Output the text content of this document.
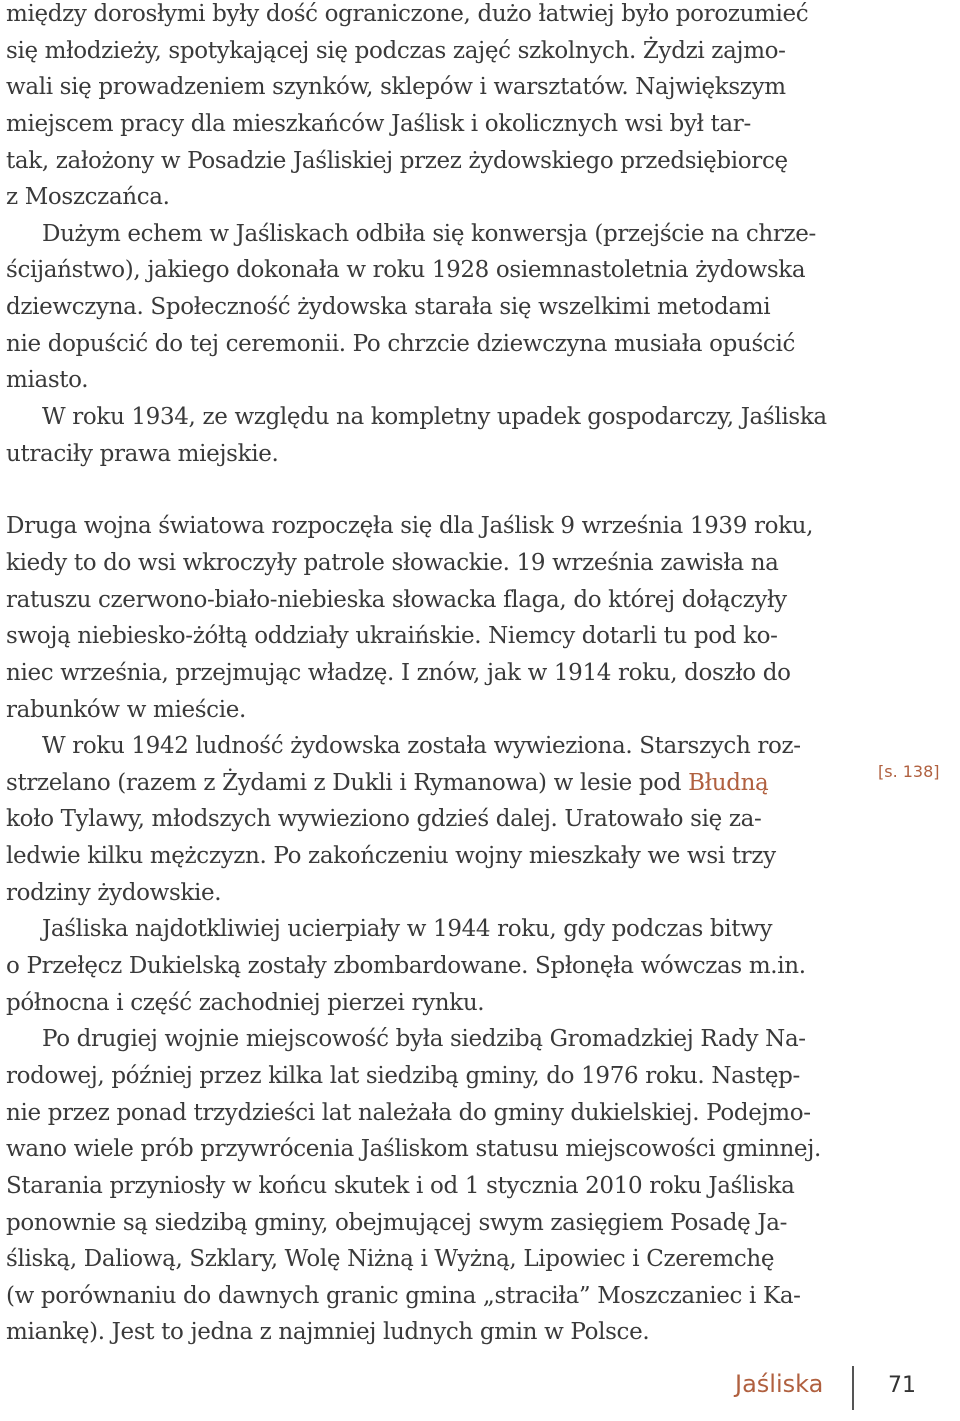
między dorosłymi były dość ograniczone, dużo łatwiej było porozumieć
się młodzieży, spotykającej się podczas zajęć szkolnych. Żydzi zajmo-
wali się prowadzeniem szynków, sklepów i warsztatów. Największym
miejscem pracy dla mieszkańców Jaślisk i okolicznych wsi był tar-
tak, założony w Posadzie Jaśliskiej przez żydowskiego przedsiębiorcę
z Moszczańca.
Dużym echem w Jaśliskach odbiła się konwersja (przejście na chrze-
ścijaństwo), jakiego dokonała w roku 1928 osiemnastoletnia żydowska
dziewczyna. Społeczność żydowska starała się wszelkimi metodami
nie dopuścić do tej ceremonii. Po chrzcie dziewczyna musiała opuścić
miasto.
W roku 1934, ze względu na kompletny upadek gospodarczy, Jaśliska
utraciły prawa miejskie.
Druga wojna światowa rozpoczęła się dla Jaślisk 9 września 1939 roku,
kiedy to do wsi wkroczyły patrole słowackie. 19 września zawisła na
ratuszu czerwono-biało-niebieska słowacka flaga, do której dołączyły
swoją niebiesko-żółtą oddziały ukraińskie. Niemcy dotarli tu pod ko-
niec września, przejmując władzę. I znów, jak w 1914 roku, doszło do
rabunków w mieście.
W roku 1942 ludność żydowska została wywieziona. Starszych roz-
strzelano (razem z Żydami z Dukli i Rymanowa) w lesie pod Błudną
koło Tylawy, młodszych wywieziono gdzieś dalej. Uratowało się za-
ledwie kilku mężczyzn. Po zakończeniu wojny mieszkały we wsi trzy
rodziny żydowskie.
Jaśliska najdotkliwiej ucierpiały w 1944 roku, gdy podczas bitwy
o Przełęcz Dukielską zostały zbombardowane. Spłonęła wówczas m.in.
północna i część zachodniej pierzei rynku.
Po drugiej wojnie miejscowość była siedzibą Gromadzkiej Rady Na-
rodowej, później przez kilka lat siedzibą gminy, do 1976 roku. Następ-
nie przez ponad trzydzieści lat należała do gminy dukielskiej. Podejmo-
wano wiele prób przywrócenia Jaśliskom statusu miejscowości gminnej.
Starania przyniosły w końcu skutek i od 1 stycznia 2010 roku Jaśliska
ponownie są siedzibą gminy, obejmującej swym zasięgiem Posadę Ja-
śliską, Daliową, Szklary, Wolę Niżną i Wyżną, Lipowiec i Czeremchę
(w porównaniu do dawnych granic gmina „straciła” Moszczaniec i Ka-
miankę). Jest to jedna z najmniej ludnych gmin w Polsce.
[s. 138]
Jaśliska	71
